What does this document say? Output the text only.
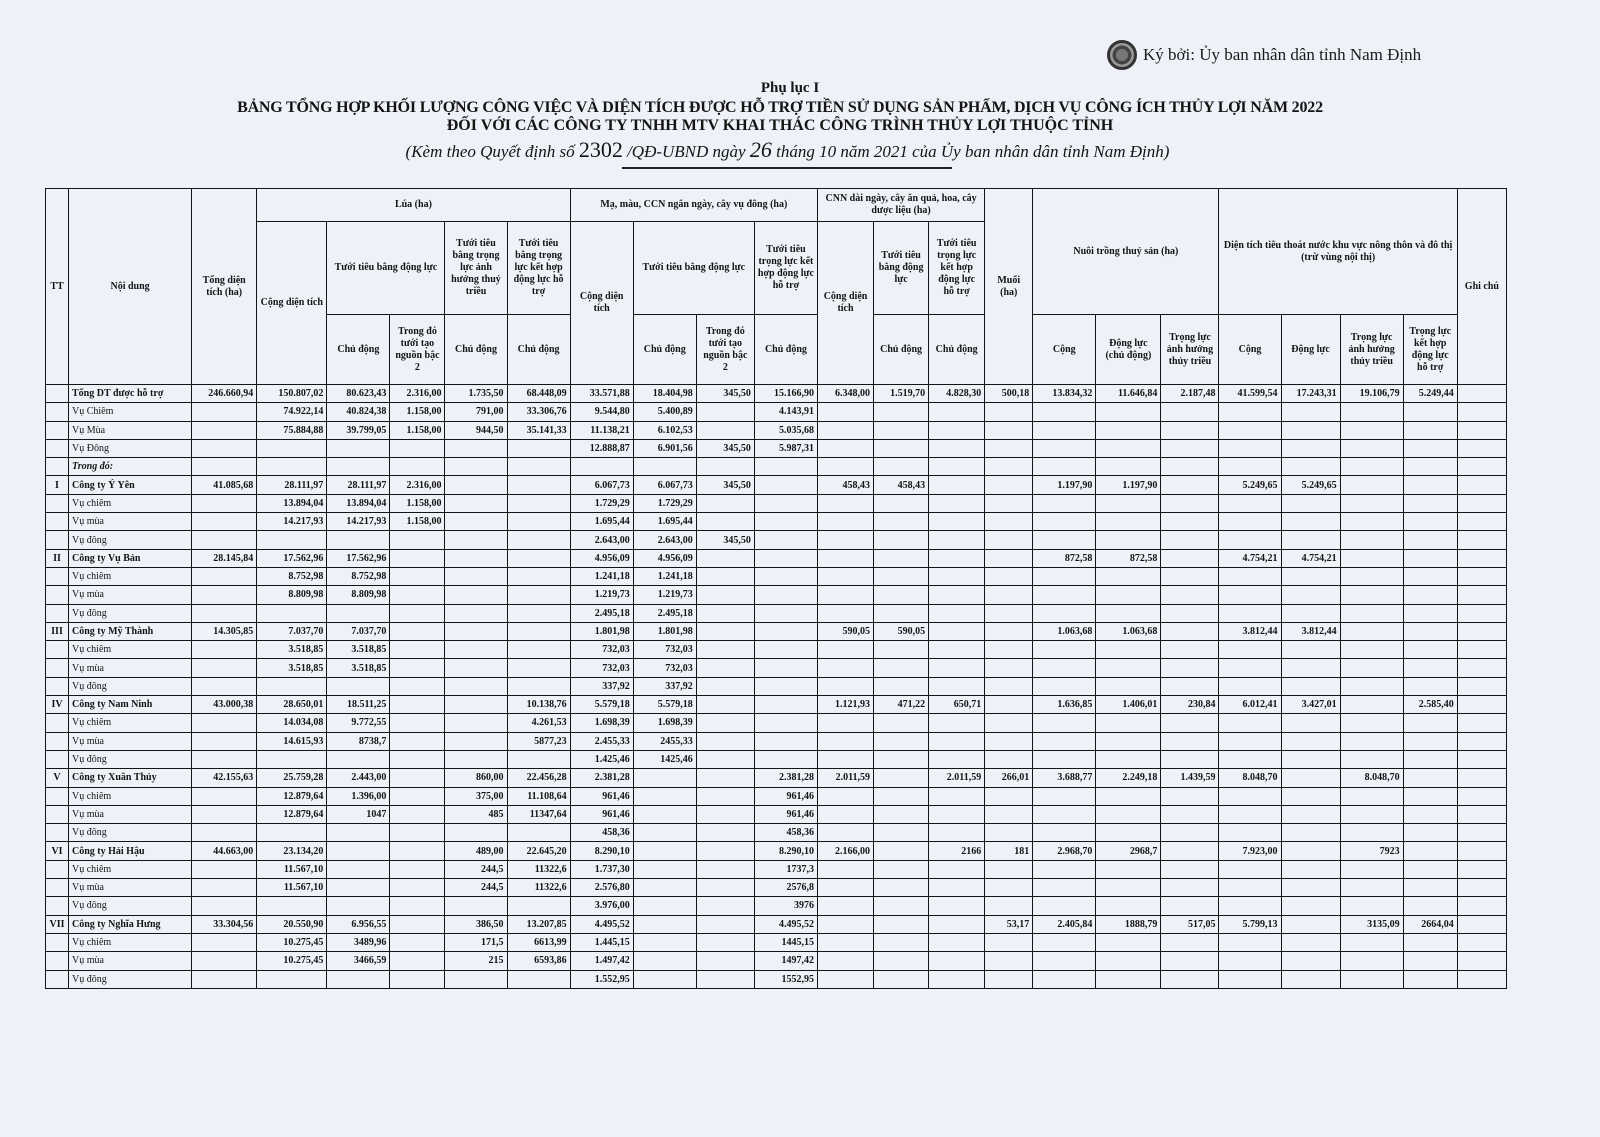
Ký bởi: Ủy ban nhân dân tỉnh Nam Định
Phụ lục I
BẢNG TỔNG HỢP KHỐI LƯỢNG CÔNG VIỆC VÀ DIỆN TÍCH ĐƯỢC HỖ TRỢ TIỀN SỬ DỤNG SẢN PHẨM, DỊCH VỤ CÔNG ÍCH THỦY LỢI NĂM 2022
ĐỐI VỚI CÁC CÔNG TY TNHH MTV KHAI THÁC CÔNG TRÌNH THỦY LỢI THUỘC TỈNH
(Kèm theo Quyết định số 2302 /QĐ-UBND ngày 26 tháng 10 năm 2021 của Ủy ban nhân dân tỉnh Nam Định)
TT	Nội dung	Tổng diện tích (ha)	Lúa (ha)					Mạ, màu, CCN ngắn ngày, cây vụ đông (ha)				CNN dài ngày, cây ăn quả, hoa, cây dược liệu (ha)			Muối (ha)	Nuôi trồng thuỷ sản (ha)			Diện tích tiêu thoát nước khu vực nông thôn và đô thị (trừ vùng nội thị)				Ghi chú
			Cộng diện tích	Tưới tiêu bằng động lực		Tưới tiêu bằng trọng lực ảnh hưởng thuỷ triều	Tưới tiêu bằng trọng lực kết hợp động lực hỗ trợ	Cộng diện tích	Tưới tiêu bằng động lực		Tưới tiêu trọng lực kết hợp động lực hỗ trợ	Cộng diện tích	Tưới tiêu bằng động lực	Tưới tiêu trọng lực kết hợp động lực hỗ trợ									
				Chủ động	Trong đó tưới tạo nguồn bậc 2	Chủ động	Chủ động		Chủ động	Trong đó tưới tạo nguồn bậc 2	Chủ động		Chủ động	Chủ động		Cộng	Động lực (chủ động)	Trọng lực ảnh hưởng thủy triều	Cộng	Động lực	Trọng lực ảnh hưởng thủy triều	Trọng lực kết hợp động lực hỗ trợ	
	Tổng DT được hỗ trợ	246.660,94	150.807,02	80.623,43	2.316,00	1.735,50	68.448,09	33.571,88	18.404,98	345,50	15.166,90	6.348,00	1.519,70	4.828,30	500,18	13.834,32	11.646,84	2.187,48	41.599,54	17.243,31	19.106,79	5.249,44	
	Vụ Chiêm		74.922,14	40.824,38	1.158,00	791,00	33.306,76	9.544,80	5.400,89		4.143,91												
	Vụ Mùa		75.884,88	39.799,05	1.158,00	944,50	35.141,33	11.138,21	6.102,53		5.035,68												
	Vụ Đông							12.888,87	6.901,56	345,50	5.987,31												
	Trong đó:																						
I	Công ty Ý Yên	41.085,68	28.111,97	28.111,97	2.316,00			6.067,73	6.067,73	345,50		458,43	458,43			1.197,90	1.197,90		5.249,65	5.249,65			
	Vụ chiêm		13.894,04	13.894,04	1.158,00			1.729,29	1.729,29														
	Vụ mùa		14.217,93	14.217,93	1.158,00			1.695,44	1.695,44														
	Vụ đông							2.643,00	2.643,00	345,50													
II	Công ty Vụ Bản	28.145,84	17.562,96	17.562,96				4.956,09	4.956,09							872,58	872,58		4.754,21	4.754,21			
	Vụ chiêm		8.752,98	8.752,98				1.241,18	1.241,18														
	Vụ mùa		8.809,98	8.809,98				1.219,73	1.219,73														
	Vụ đông							2.495,18	2.495,18														
III	Công ty Mỹ Thành	14.305,85	7.037,70	7.037,70				1.801,98	1.801,98			590,05	590,05			1.063,68	1.063,68		3.812,44	3.812,44			
	Vụ chiêm		3.518,85	3.518,85				732,03	732,03														
	Vụ mùa		3.518,85	3.518,85				732,03	732,03														
	Vụ đông							337,92	337,92														
IV	Công ty Nam Ninh	43.000,38	28.650,01	18.511,25			10.138,76	5.579,18	5.579,18			1.121,93	471,22	650,71		1.636,85	1.406,01	230,84	6.012,41	3.427,01		2.585,40	
	Vụ chiêm		14.034,08	9.772,55			4.261,53	1.698,39	1.698,39														
	Vụ mùa		14.615,93	8738,7			5877,23	2.455,33	2455,33														
	Vụ đông							1.425,46	1425,46														
V	Công ty Xuân Thủy	42.155,63	25.759,28	2.443,00		860,00	22.456,28	2.381,28			2.381,28	2.011,59		2.011,59	266,01	3.688,77	2.249,18	1.439,59	8.048,70		8.048,70		
	Vụ chiêm		12.879,64	1.396,00		375,00	11.108,64	961,46			961,46												
	Vụ mùa		12.879,64	1047		485	11347,64	961,46			961,46												
	Vụ đông							458,36			458,36												
VI	Công ty Hải Hậu	44.663,00	23.134,20			489,00	22.645,20	8.290,10			8.290,10	2.166,00		2166	181	2.968,70	2968,7		7.923,00		7923		
	Vụ chiêm		11.567,10			244,5	11322,6	1.737,30			1737,3												
	Vụ mùa		11.567,10			244,5	11322,6	2.576,80			2576,8												
	Vụ đông							3.976,00			3976												
VII	Công ty Nghĩa Hưng	33.304,56	20.550,90	6.956,55		386,50	13.207,85	4.495,52			4.495,52				53,17	2.405,84	1888,79	517,05	5.799,13		3135,09	2664,04	
	Vụ chiêm		10.275,45	3489,96		171,5	6613,99	1.445,15			1445,15												
	Vụ mùa		10.275,45	3466,59		215	6593,86	1.497,42			1497,42												
	Vụ đông							1.552,95			1552,95												
